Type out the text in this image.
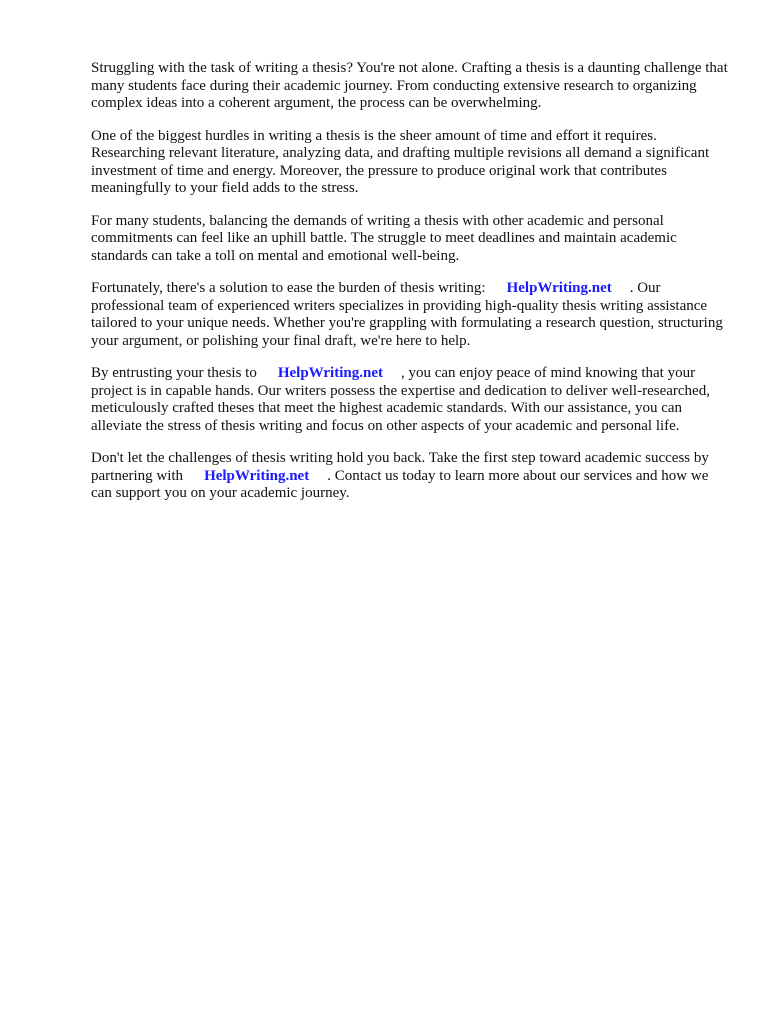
Struggling with the task of writing a thesis? You're not alone. Crafting a thesis is a daunting challenge that many students face during their academic journey. From conducting extensive research to organizing complex ideas into a coherent argument, the process can be overwhelming.

One of the biggest hurdles in writing a thesis is the sheer amount of time and effort it requires. Researching relevant literature, analyzing data, and drafting multiple revisions all demand a significant investment of time and energy. Moreover, the pressure to produce original work that contributes meaningfully to your field adds to the stress.

For many students, balancing the demands of writing a thesis with other academic and personal commitments can feel like an uphill battle. The struggle to meet deadlines and maintain academic standards can take a toll on mental and emotional well-being.

Fortunately, there's a solution to ease the burden of thesis writing: HelpWriting.net . Our professional team of experienced writers specializes in providing high-quality thesis writing assistance tailored to your unique needs. Whether you're grappling with formulating a research question, structuring your argument, or polishing your final draft, we're here to help.

By entrusting your thesis to HelpWriting.net , you can enjoy peace of mind knowing that your project is in capable hands. Our writers possess the expertise and dedication to deliver well-researched, meticulously crafted theses that meet the highest academic standards. With our assistance, you can alleviate the stress of thesis writing and focus on other aspects of your academic and personal life.

Don't let the challenges of thesis writing hold you back. Take the first step toward academic success by partnering with HelpWriting.net . Contact us today to learn more about our services and how we can support you on your academic journey.
